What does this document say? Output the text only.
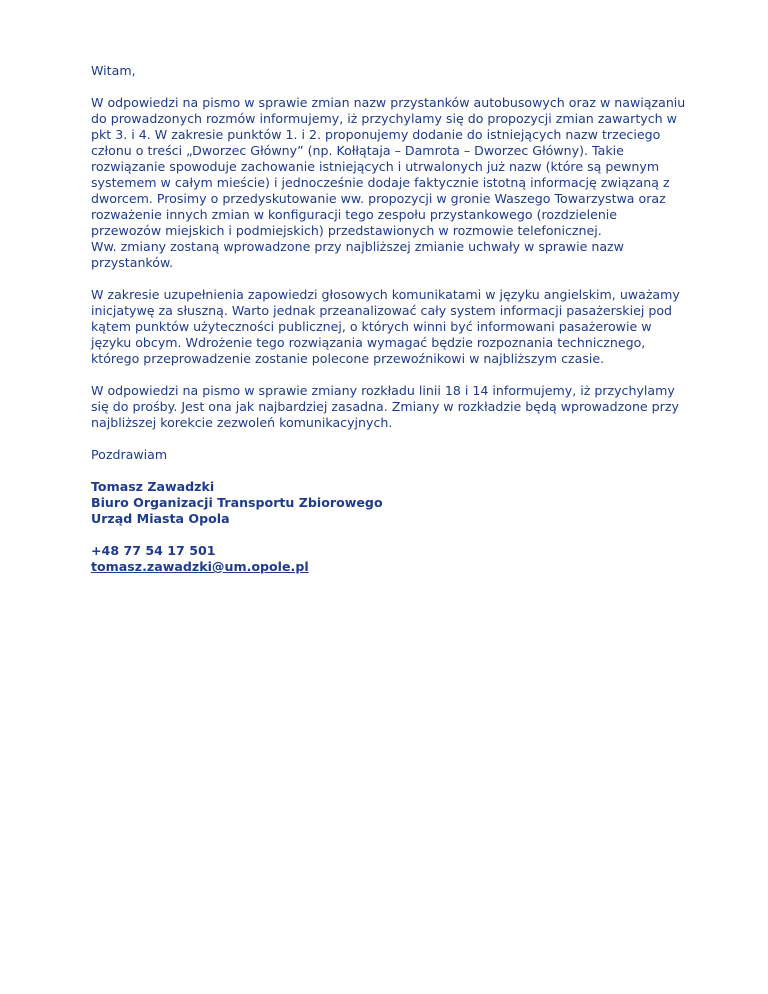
Witam,

W odpowiedzi na pismo w sprawie zmian nazw przystanków autobusowych oraz w nawiązaniu do prowadzonych rozmów informujemy, iż przychylamy się do propozycji zmian zawartych w pkt 3. i 4. W zakresie punktów 1. i 2. proponujemy dodanie do istniejących nazw trzeciego członu o treści „Dworzec Główny” (np. Kołłątaja – Damrota – Dworzec Główny). Takie rozwiązanie spowoduje zachowanie istniejących i utrwalonych już nazw (które są pewnym systemem w całym mieście) i jednocześnie dodaje faktycznie istotną informację związaną z dworcem. Prosimy o przedyskutowanie ww. propozycji w gronie Waszego Towarzystwa oraz rozważenie innych zmian w konfiguracji tego zespołu przystankowego (rozdzielenie przewozów miejskich i podmiejskich) przedstawionych w rozmowie telefonicznej.

Ww. zmiany zostaną wprowadzone przy najbliższej zmianie uchwały w sprawie nazw przystanków.

W zakresie uzupełnienia zapowiedzi głosowych komunikatami w języku angielskim, uważamy inicjatywę za słuszną. Warto jednak przeanalizować cały system informacji pasażerskiej pod kątem punktów użyteczności publicznej, o których winni być informowani pasażerowie w języku obcym. Wdrożenie tego rozwiązania wymagać będzie rozpoznania technicznego, którego przeprowadzenie zostanie polecone przewoźnikowi w najbliższym czasie.

W odpowiedzi na pismo w sprawie zmiany rozkładu linii 18 i 14 informujemy, iż przychylamy się do prośby. Jest ona jak najbardziej zasadna. Zmiany w rozkładzie będą wprowadzone przy najbliższej korekcie zezwoleń komunikacyjnych.

Pozdrawiam

Tomasz Zawadzki

Biuro Organizacji Transportu Zbiorowego

Urząd Miasta Opola

+48 77 54 17 501

tomasz.zawadzki@um.opole.pl
